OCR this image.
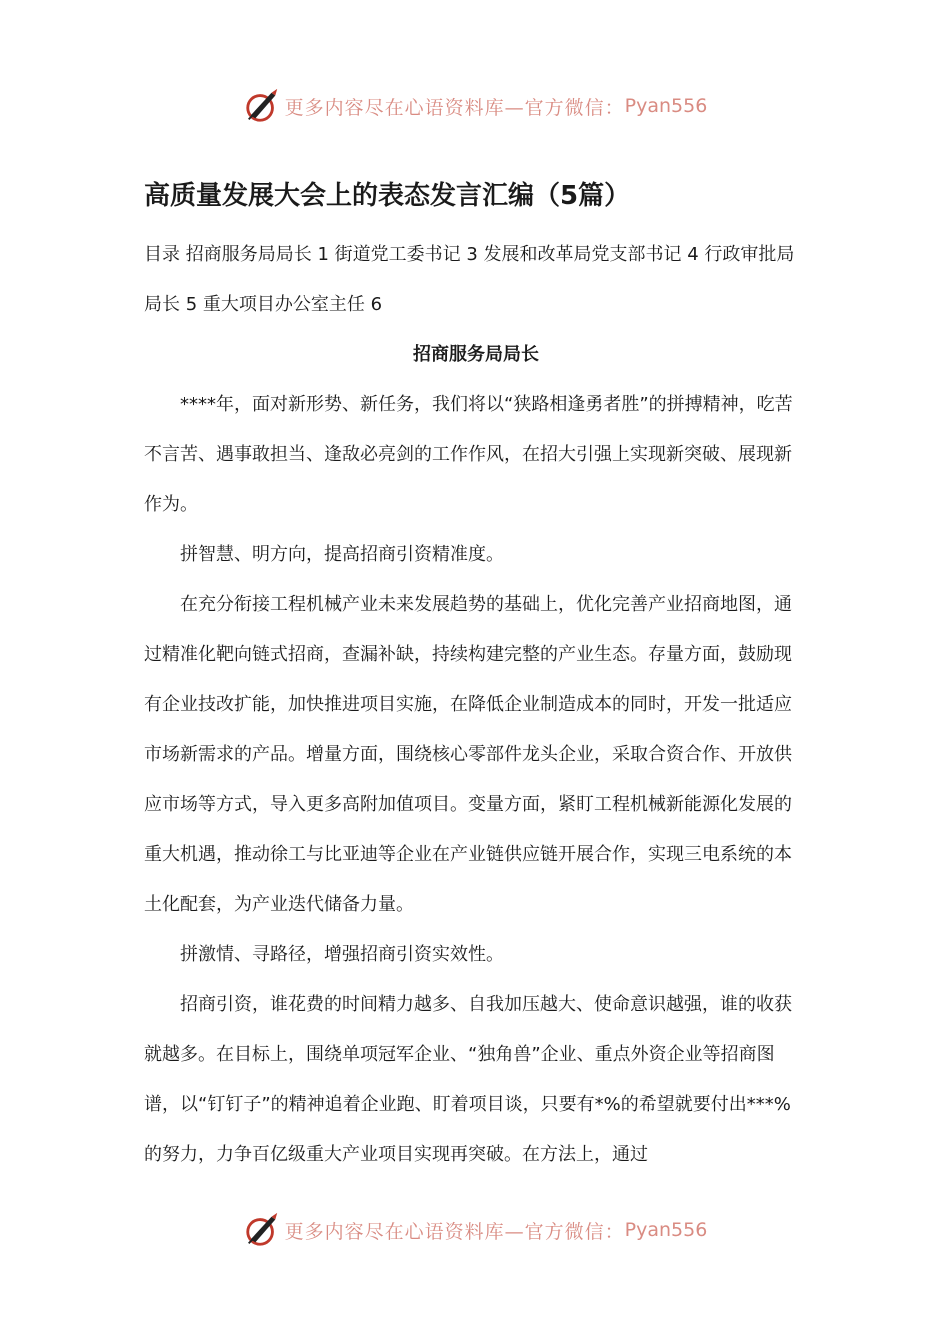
更多内容尽在心语资料库—官方微信： Pyan556
高质量发展大会上的表态发言汇编（5篇）

目录 招商服务局局长 1 街道党工委书记 3 发展和改革局党支部书记 4 行政审批局局长 5 重大项目办公室主任 6

招商服务局局长

****年，面对新形势、新任务，我们将以“狭路相逢勇者胜”的拼搏精神，吃苦不言苦、遇事敢担当、逢敌必亮剑的工作作风，在招大引强上实现新突破、展现新作为。

拼智慧、明方向，提高招商引资精准度。

在充分衔接工程机械产业未来发展趋势的基础上，优化完善产业招商地图，通过精准化靶向链式招商，查漏补缺，持续构建完整的产业生态。存量方面，鼓励现有企业技改扩能，加快推进项目实施，在降低企业制造成本的同时，开发一批适应市场新需求的产品。增量方面，围绕核心零部件龙头企业，采取合资合作、开放供应市场等方式，导入更多高附加值项目。变量方面，紧盯工程机械新能源化发展的重大机遇，推动徐工与比亚迪等企业在产业链供应链开展合作，实现三电系统的本土化配套，为产业迭代储备力量。

拼激情、寻路径，增强招商引资实效性。

招商引资，谁花费的时间精力越多、自我加压越大、使命意识越强，谁的收获就越多。在目标上，围绕单项冠军企业、“独角兽”企业、重点外资企业等招商图谱，以“钉钉子”的精神追着企业跑、盯着项目谈，只要有*%的希望就要付出***%的努力，力争百亿级重大产业项目实现再突破。在方法上，通过

更多内容尽在心语资料库—官方微信： Pyan556
